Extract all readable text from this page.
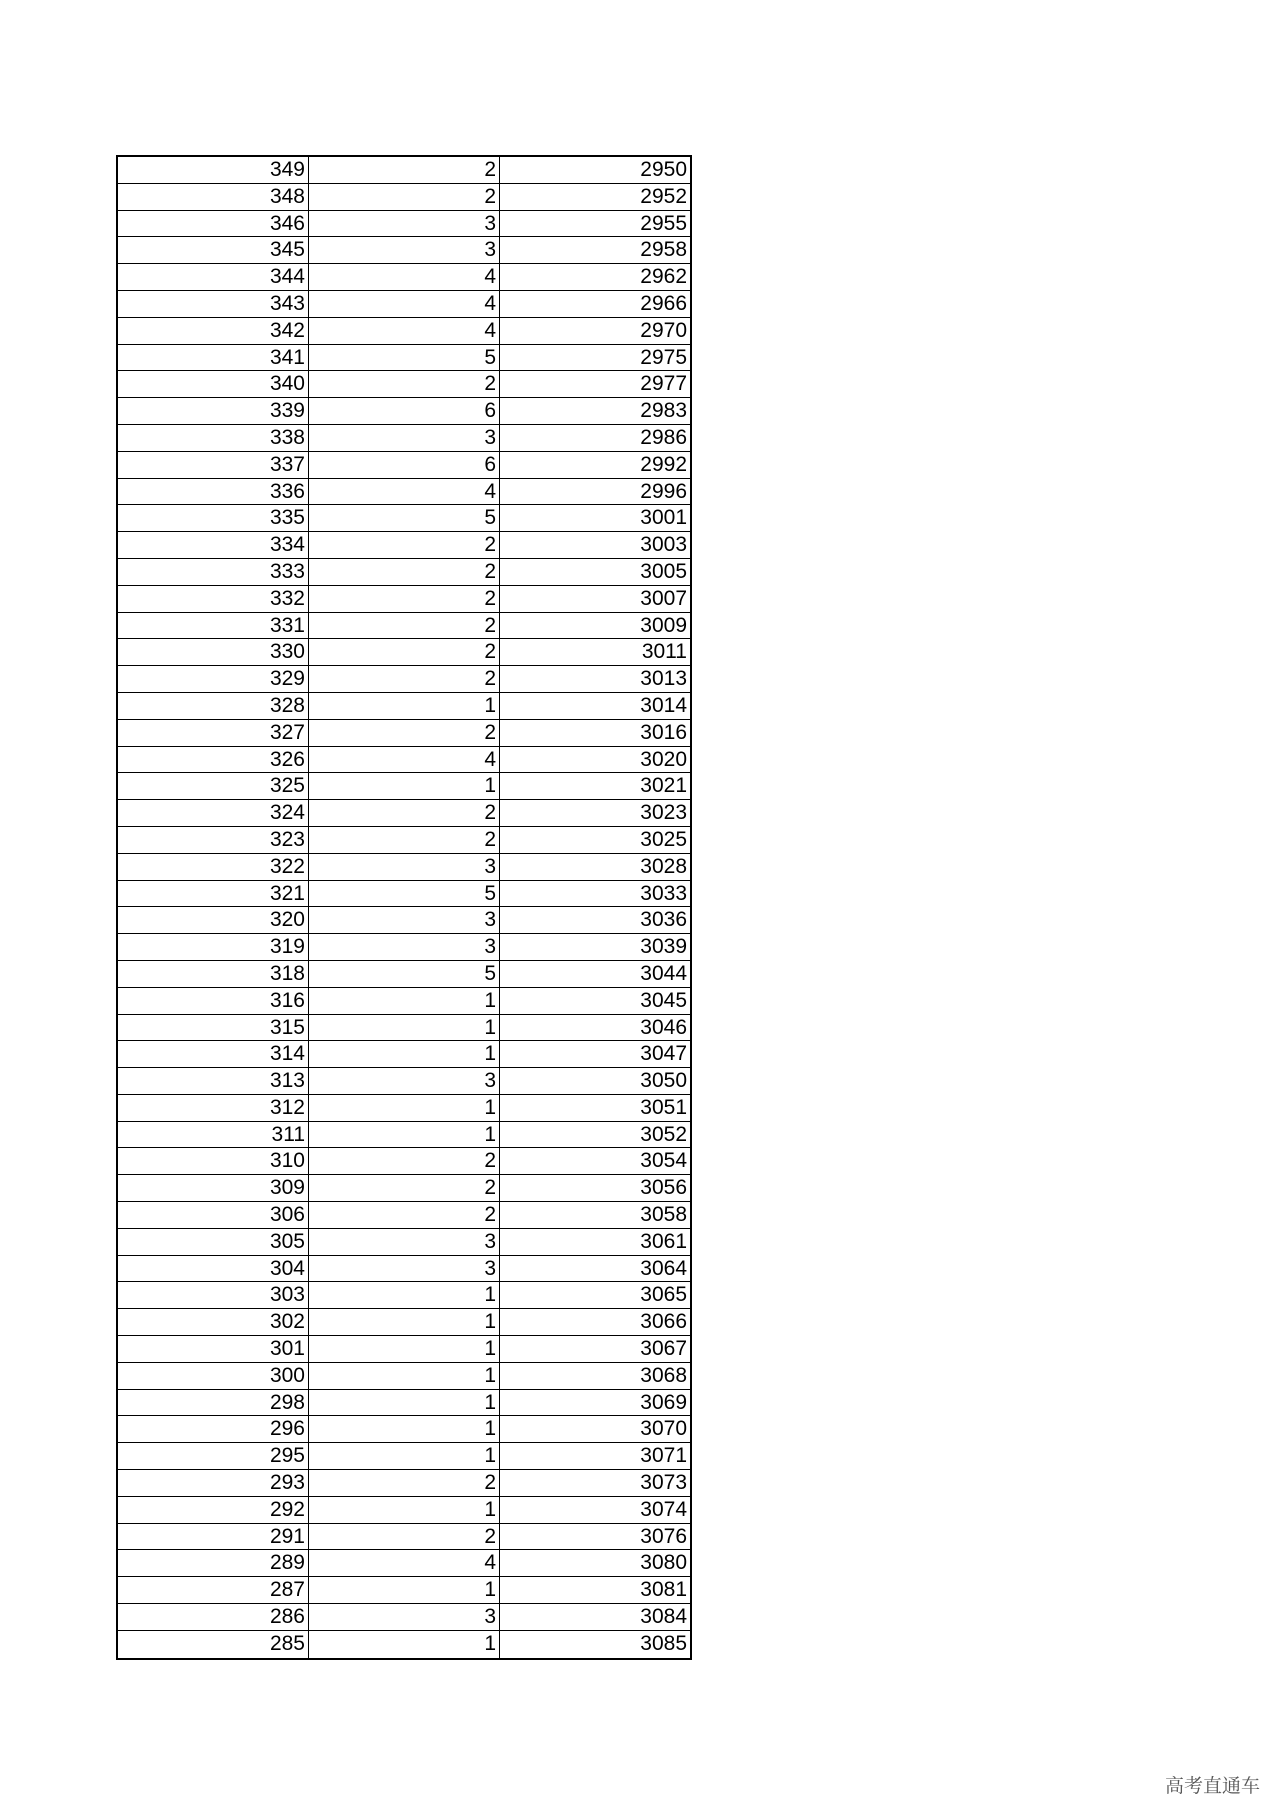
349	2	2950
348	2	2952
346	3	2955
345	3	2958
344	4	2962
343	4	2966
342	4	2970
341	5	2975
340	2	2977
339	6	2983
338	3	2986
337	6	2992
336	4	2996
335	5	3001
334	2	3003
333	2	3005
332	2	3007
331	2	3009
330	2	3011
329	2	3013
328	1	3014
327	2	3016
326	4	3020
325	1	3021
324	2	3023
323	2	3025
322	3	3028
321	5	3033
320	3	3036
319	3	3039
318	5	3044
316	1	3045
315	1	3046
314	1	3047
313	3	3050
312	1	3051
311	1	3052
310	2	3054
309	2	3056
306	2	3058
305	3	3061
304	3	3064
303	1	3065
302	1	3066
301	1	3067
300	1	3068
298	1	3069
296	1	3070
295	1	3071
293	2	3073
292	1	3074
291	2	3076
289	4	3080
287	1	3081
286	3	3084
285	1	3085
高考直通车
